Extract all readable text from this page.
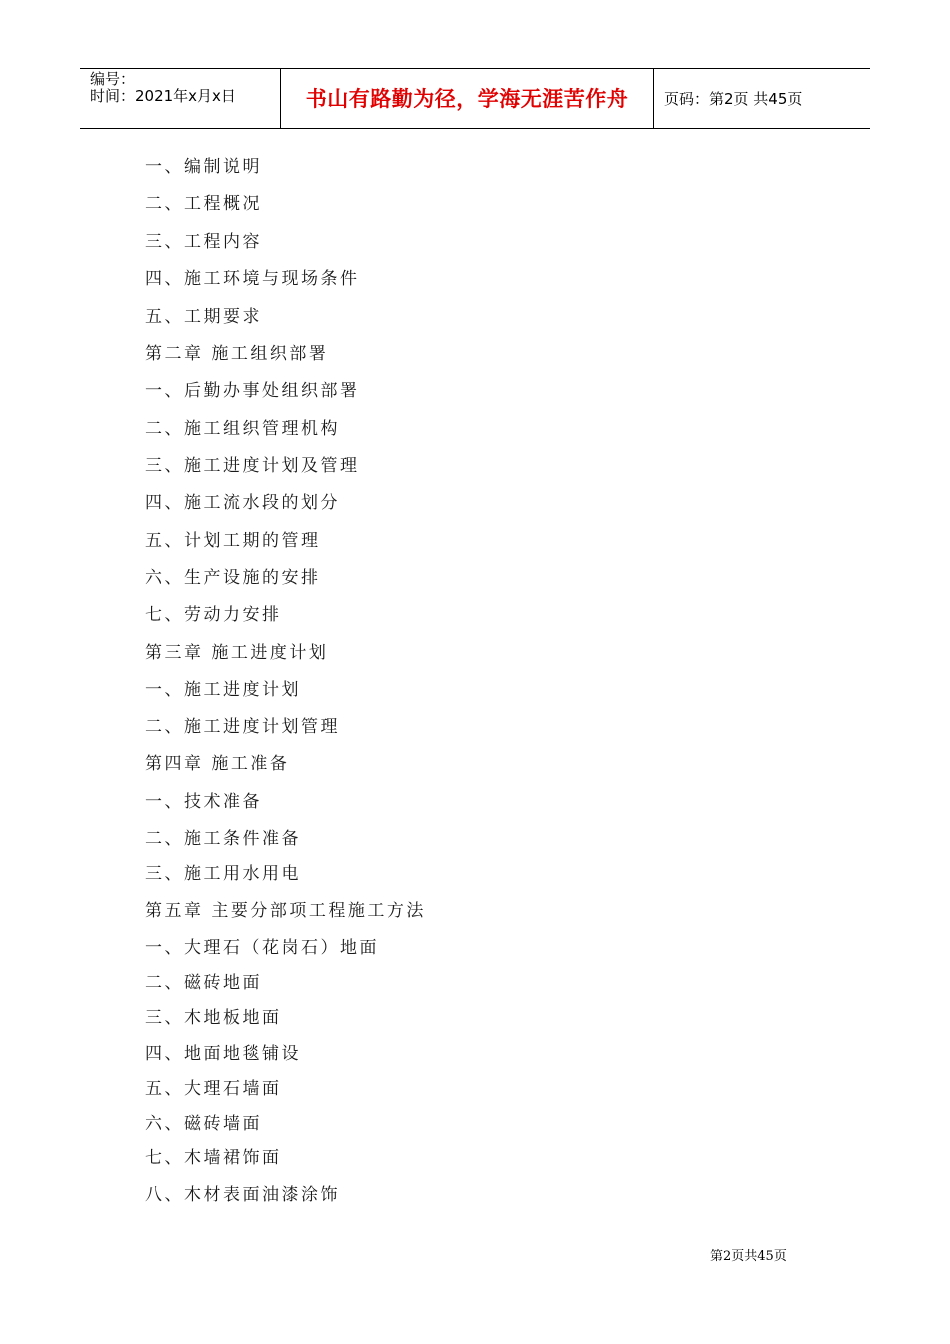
编号：
时间：2021年x月x日	书山有路勤为径，学海无涯苦作舟	页码：第2页 共45页
一、编制说明
二、工程概况
三、工程内容
四、施工环境与现场条件
五、工期要求
第二章 施工组织部署
一、后勤办事处组织部署
二、施工组织管理机构
三、施工进度计划及管理
四、施工流水段的划分
五、计划工期的管理
六、生产设施的安排
七、劳动力安排
第三章 施工进度计划
一、施工进度计划
二、施工进度计划管理
第四章 施工准备
一、技术准备
二、施工条件准备
三、施工用水用电
第五章 主要分部项工程施工方法
一、大理石（花岗石）地面
二、磁砖地面
三、木地板地面
四、地面地毯铺设
五、大理石墙面
六、磁砖墙面
七、木墙裙饰面
八、木材表面油漆涂饰
第2页共45页
